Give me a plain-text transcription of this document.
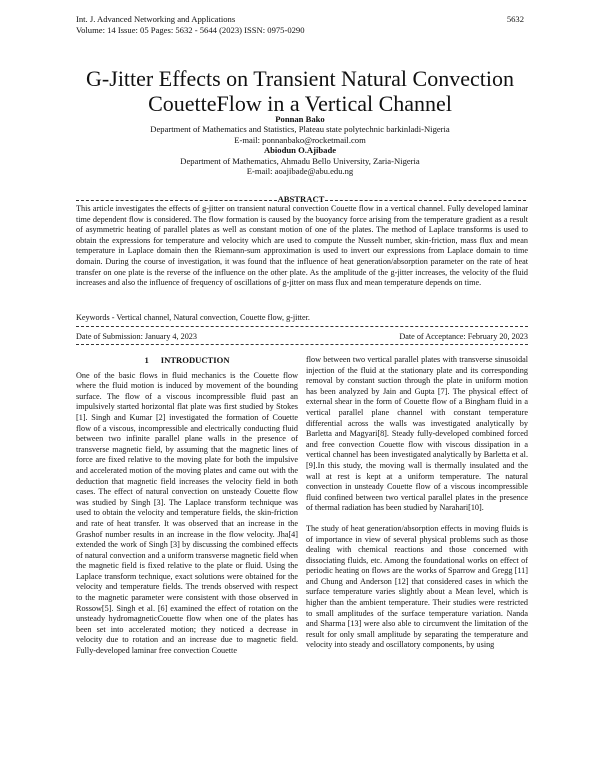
Int. J. Advanced Networking and Applications
Volume: 14 Issue: 05 Pages: 5632 - 5644 (2023) ISSN: 0975-0290
5632
G-Jitter Effects on Transient Natural Convection
CouetteFlow in a Vertical Channel
Ponnan Bako
Department of Mathematics and Statistics, Plateau state polytechnic barkinladi-Nigeria
E-mail: ponnanbako@rocketmail.com
Abiodun O.Ajibade
Department of Mathematics, Ahmadu Bello University, Zaria-Nigeria
E-mail: aoajibade@abu.edu.ng
ABSTRACT

This article investigates the effects of g-jitter on transient natural convection Couette flow in a vertical channel. Fully developed laminar time dependent flow is considered. The flow formation is caused by the buoyancy force arising from the temperature gradient as a result of asymmetric heating of parallel plates as well as constant motion of one of the plates. The method of Laplace transforms is used to obtain the expressions for temperature and velocity which are used to compute the Nusselt number, skin-friction, mass flux and mean temperature in Laplace domain then the Riemann-sum approximation is used to invert our expressions from Laplace domain to time domain. During the course of investigation, it was found that the influence of heat generation/absorption parameter on the rate of heat transfer on one plate is the reverse of the influence on the other plate. As the amplitude of the g-jitter increases, the velocity of the fluid increases and also the influence of frequency of oscillations of g-jitter on mass flux and mean temperature depends on time.

Keywords - Vertical channel, Natural convection, Couette flow, g-jitter.
Date of Submission: January 4, 2023	Date of Acceptance: February 20, 2023
1 INTRODUCTION

One of the basic flows in fluid mechanics is the Couette flow where the fluid motion is induced by movement of the bounding surface. The flow of a viscous incompressible fluid past an impulsively started horizontal flat plate was first studied by Stokes [1]. Singh and Kumar [2] investigated the formation of Couette flow of a viscous, incompressible and electrically conducting fluid between two infinite parallel plane walls in the presence of transverse magnetic field, by assuming that the magnetic lines of force are fixed relative to the moving plate for both the impulsive and accelerated motion of the moving plates and came out with the deduction that magnetic field increases the velocity field in both cases. The effect of natural convection on unsteady Couette flow was studied by Singh [3]. The Laplace transform technique was used to obtain the velocity and temperature fields, the skin-friction and rate of heat transfer. It was observed that an increase in the Grashof number results in an increase in the flow velocity. Jha[4] extended the work of Singh [3] by discussing the combined effects of natural convection and a uniform transverse magnetic field when the magnetic field is fixed relative to the plate or fluid. Using the Laplace transform technique, exact solutions were obtained for the velocity and temperature fields. The trends observed with respect to the magnetic parameter were consistent with those observed in Rossow[5]. Singh et al. [6] examined the effect of rotation on the unsteady hydromagneticCouette flow when one of the plates has been set into accelerated motion; they noticed a decrease in velocity due to rotation and an increase due to magnetic field. Fully-developed laminar free convection Couette

flow between two vertical parallel plates with transverse sinusoidal injection of the fluid at the stationary plate and its corresponding removal by constant suction through the plate in uniform motion has been analyzed by Jain and Gupta [7]. The physical effect of external shear in the form of Couette flow of a Bingham fluid in a vertical parallel plane channel with constant temperature differential across the walls was investigated analytically by Barletta and Magyari[8]. Steady fully-developed combined forced and free convection Couette flow with viscous dissipation in a vertical channel has been investigated analytically by Barletta et al.[9].In this study, the moving wall is thermally insulated and the wall at rest is kept at a uniform temperature. The natural convection in unsteady Couette flow of a viscous incompressible fluid confined between two vertical parallel plates in the presence of thermal radiation has been studied by Narahari[10].

The study of heat generation/absorption effects in moving fluids is of importance in view of several physical problems such as those dealing with chemical reactions and those concerned with dissociating fluids, etc. Among the foundational works on effect of periodic heating on flows are the works of Sparrow and Gregg [11] and Chung and Anderson [12] that considered cases in which the surface temperature varies slightly about a Mean level, which is higher than the ambient temperature. Their studies were restricted to small amplitudes of the surface temperature variation. Nanda and Sharma [13] were also able to circumvent the limitation of the result for only small amplitude by separating the temperature and velocity into steady and oscillatory components, by using
